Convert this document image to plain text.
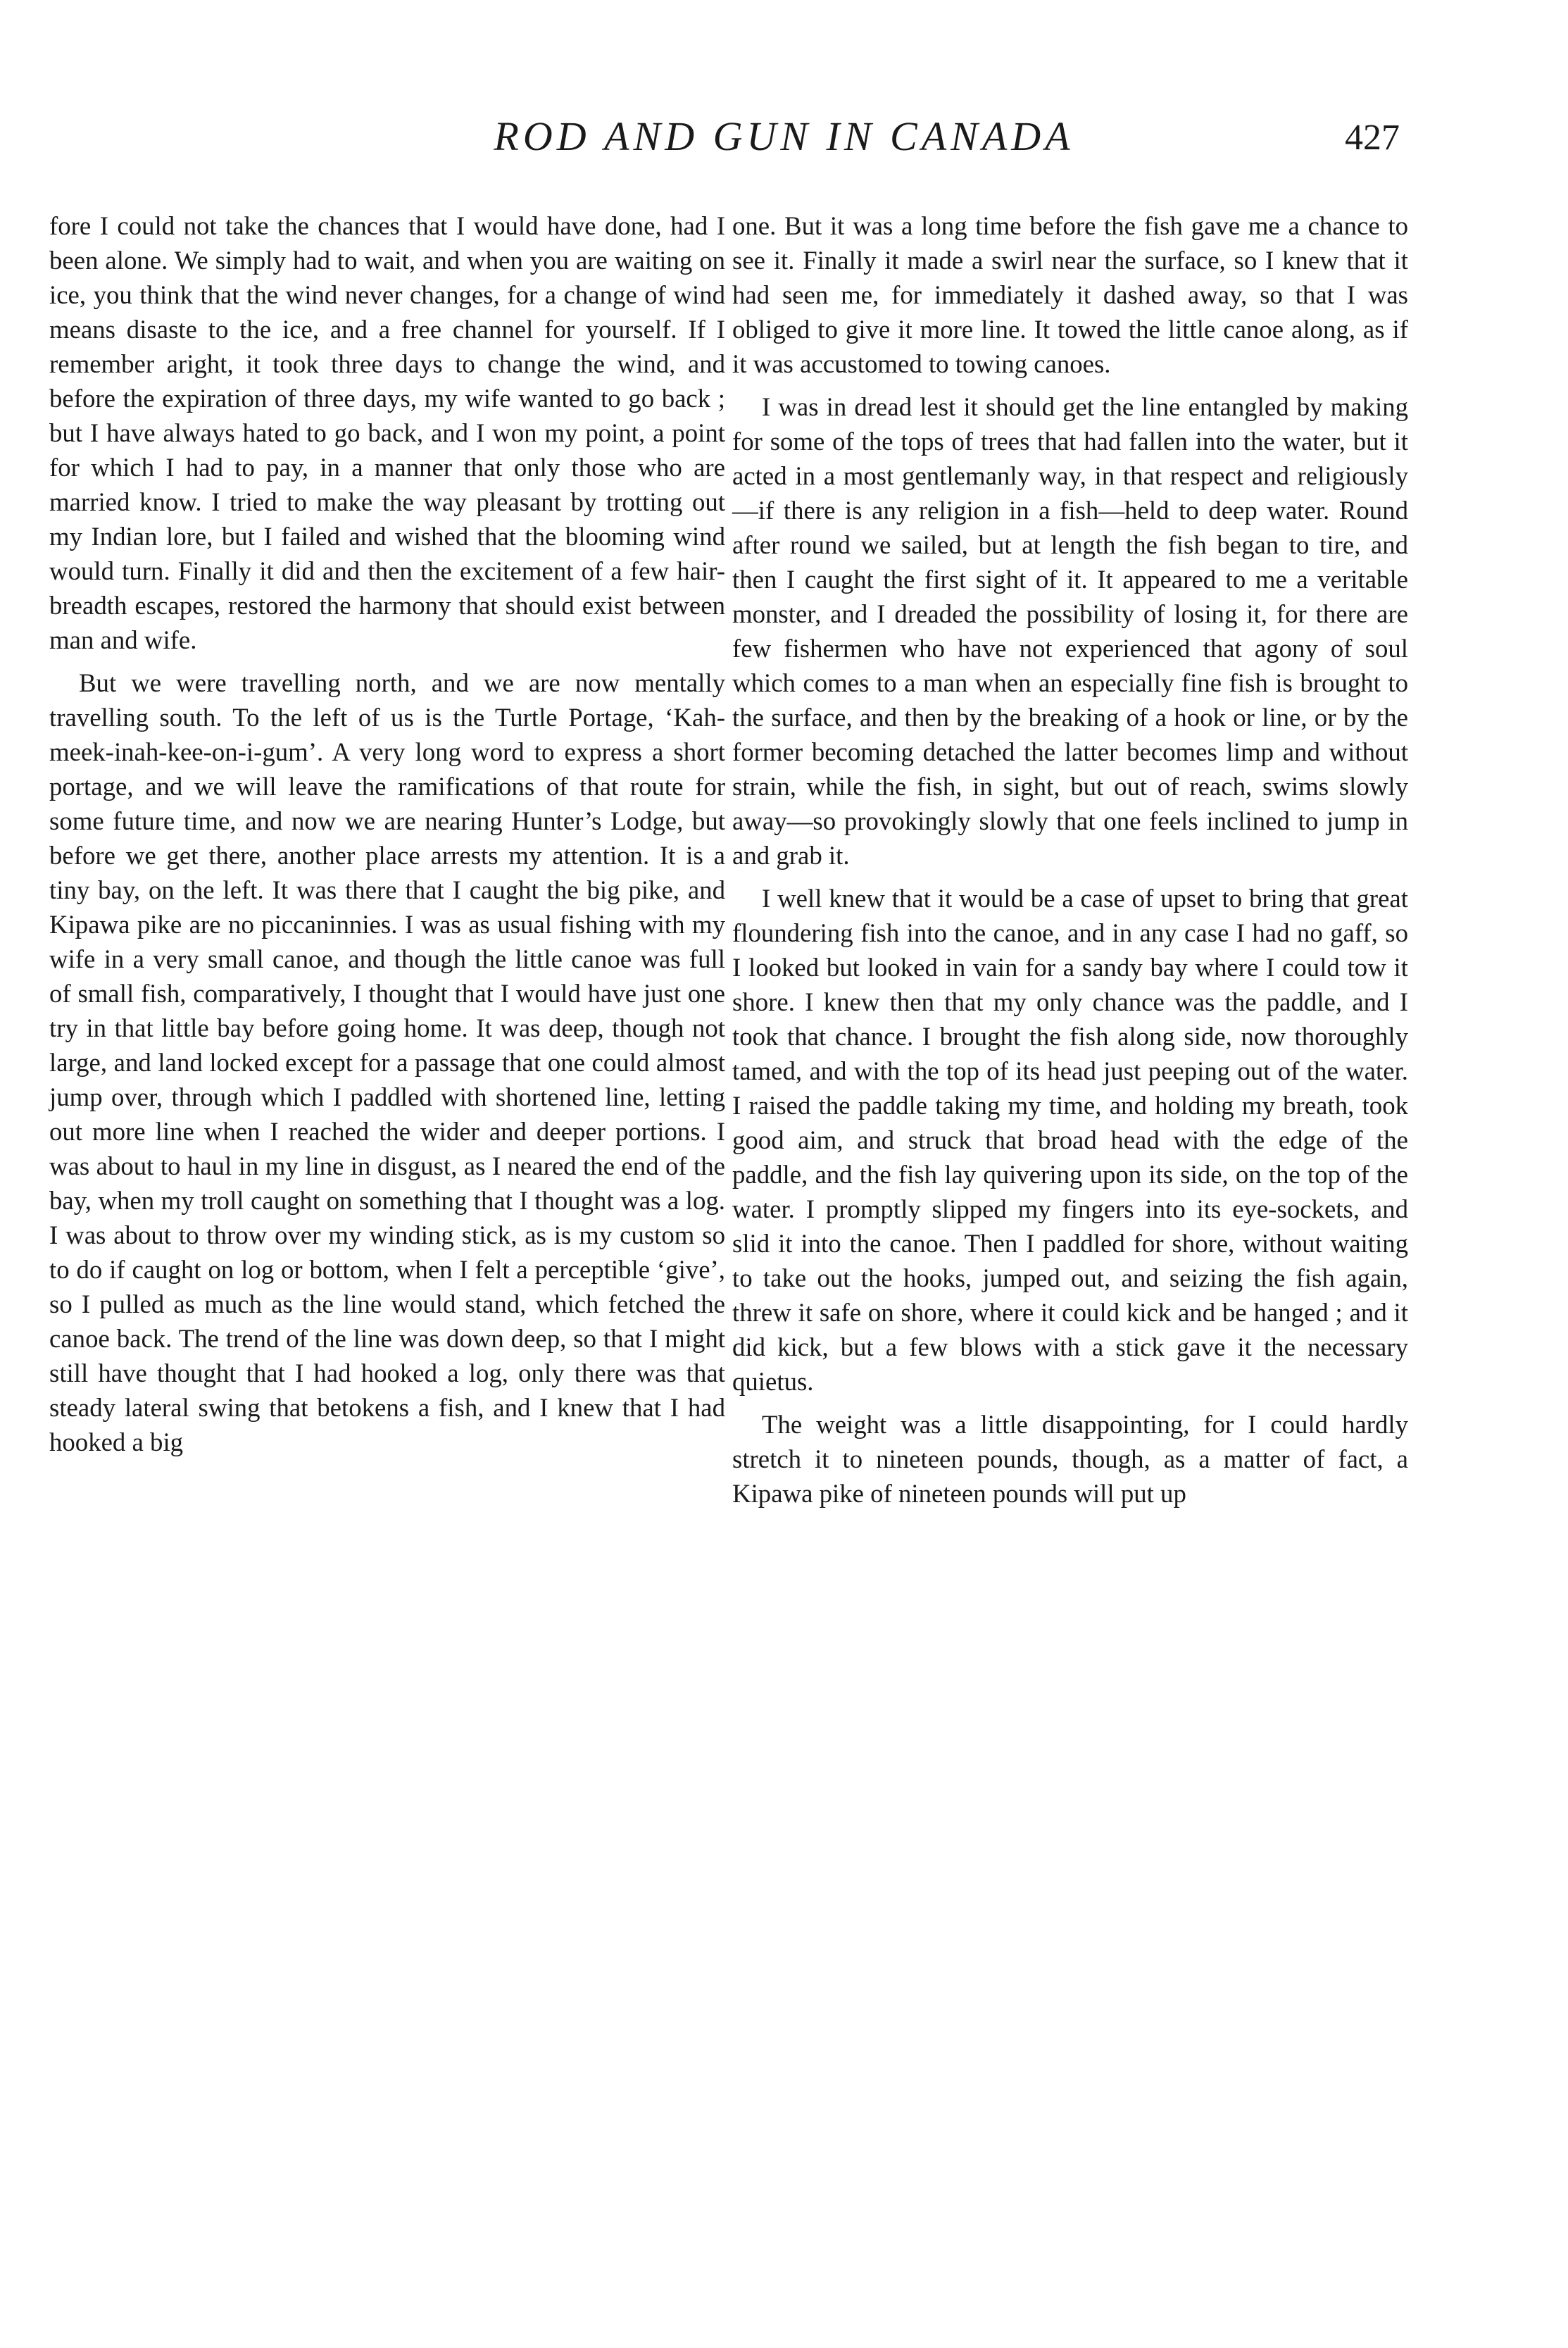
ROD AND GUN IN CANADA	427

fore I could not take the chances that I would have done, had I been alone. We simply had to wait, and when you are waiting on ice, you think that the wind never changes, for a change of wind means disaste to the ice, and a free channel for yourself. If I remember aright, it took three days to change the wind, and before the expiration of three days, my wife wanted to go back ; but I have always hated to go back, and I won my point, a point for which I had to pay, in a manner that only those who are married know. I tried to make the way pleasant by trotting out my Indian lore, but I failed and wished that the blooming wind would turn. Finally it did and then the excitement of a few hair-breadth escapes, restored the harmony that should exist between man and wife.

But we were travelling north, and we are now mentally travelling south. To the left of us is the Turtle Portage, ‘Kah-meek-inah-kee-on-i-gum’. A very long word to express a short portage, and we will leave the ramifications of that route for some future time, and now we are nearing Hunter’s Lodge, but before we get there, another place arrests my attention. It is a tiny bay, on the left. It was there that I caught the big pike, and Kipawa pike are no piccaninnies. I was as usual fishing with my wife in a very small canoe, and though the little canoe was full of small fish, comparatively, I thought that I would have just one try in that little bay before going home. It was deep, though not large, and land locked except for a passage that one could almost jump over, through which I paddled with shortened line, letting out more line when I reached the wider and deeper portions. I was about to haul in my line in disgust, as I neared the end of the bay, when my troll caught on something that I thought was a log. I was about to throw over my winding stick, as is my custom so to do if caught on log or bottom, when I felt a perceptible ‘give’, so I pulled as much as the line would stand, which fetched the canoe back. The trend of the line was down deep, so that I might still have thought that I had hooked a log, only there was that steady lateral swing that betokens a fish, and I knew that I had hooked a big

one. But it was a long time before the fish gave me a chance to see it. Finally it made a swirl near the surface, so I knew that it had seen me, for immediately it dashed away, so that I was obliged to give it more line. It towed the little canoe along, as if it was accustomed to towing canoes.

I was in dread lest it should get the line entangled by making for some of the tops of trees that had fallen into the water, but it acted in a most gentlemanly way, in that respect and religiously—if there is any religion in a fish—held to deep water. Round after round we sailed, but at length the fish began to tire, and then I caught the first sight of it. It appeared to me a veritable monster, and I dreaded the possibility of losing it, for there are few fishermen who have not experienced that agony of soul which comes to a man when an especially fine fish is brought to the surface, and then by the breaking of a hook or line, or by the former becoming detached the latter becomes limp and without strain, while the fish, in sight, but out of reach, swims slowly away—so provokingly slowly that one feels inclined to jump in and grab it.

I well knew that it would be a case of upset to bring that great floundering fish into the canoe, and in any case I had no gaff, so I looked but looked in vain for a sandy bay where I could tow it shore. I knew then that my only chance was the paddle, and I took that chance. I brought the fish along side, now thoroughly tamed, and with the top of its head just peeping out of the water. I raised the paddle taking my time, and holding my breath, took good aim, and struck that broad head with the edge of the paddle, and the fish lay quivering upon its side, on the top of the water. I promptly slipped my fingers into its eye-sockets, and slid it into the canoe. Then I paddled for shore, without waiting to take out the hooks, jumped out, and seizing the fish again, threw it safe on shore, where it could kick and be hanged ; and it did kick, but a few blows with a stick gave it the necessary quietus.

The weight was a little disappointing, for I could hardly stretch it to nineteen pounds, though, as a matter of fact, a Kipawa pike of nineteen pounds will put up
